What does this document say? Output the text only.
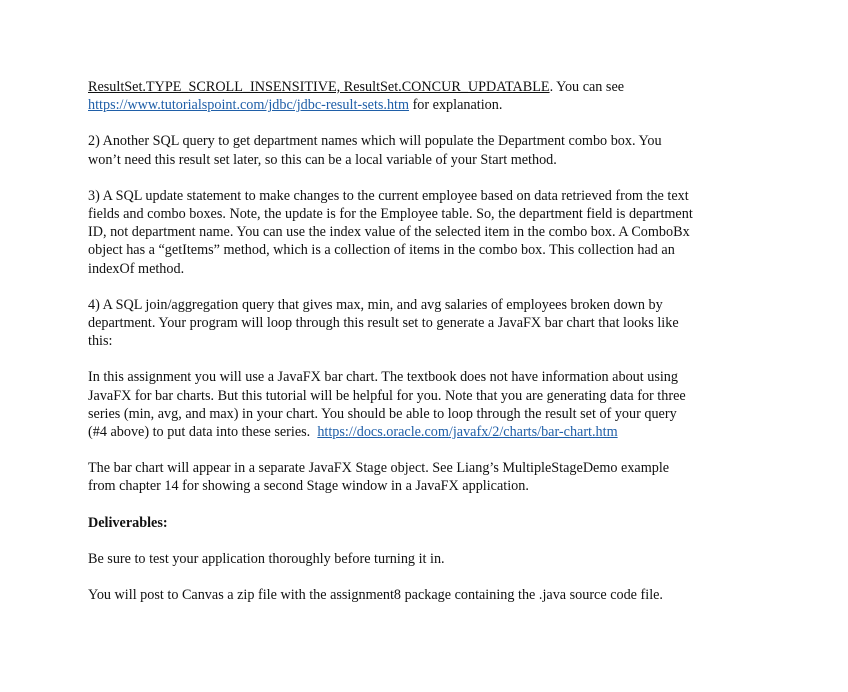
ResultSet.TYPE_SCROLL_INSENSITIVE, ResultSet.CONCUR_UPDATABLE. You can see
https://www.tutorialspoint.com/jdbc/jdbc-result-sets.htm for explanation.

2) Another SQL query to get department names which will populate the Department combo box. You
won’t need this result set later, so this can be a local variable of your Start method.

3) A SQL update statement to make changes to the current employee based on data retrieved from the text
fields and combo boxes. Note, the update is for the Employee table. So, the department field is department
ID, not department name. You can use the index value of the selected item in the combo box. A ComboBx
object has a “getItems” method, which is a collection of items in the combo box. This collection had an
indexOf method.

4) A SQL join/aggregation query that gives max, min, and avg salaries of employees broken down by
department. Your program will loop through this result set to generate a JavaFX bar chart that looks like
this:

In this assignment you will use a JavaFX bar chart. The textbook does not have information about using
JavaFX for bar charts. But this tutorial will be helpful for you. Note that you are generating data for three
series (min, avg, and max) in your chart. You should be able to loop through the result set of your query
(#4 above) to put data into these series.  https://docs.oracle.com/javafx/2/charts/bar-chart.htm

The bar chart will appear in a separate JavaFX Stage object. See Liang’s MultipleStageDemo example
from chapter 14 for showing a second Stage window in a JavaFX application.

Deliverables:

Be sure to test your application thoroughly before turning it in.

You will post to Canvas a zip file with the assignment8 package containing the .java source code file.
